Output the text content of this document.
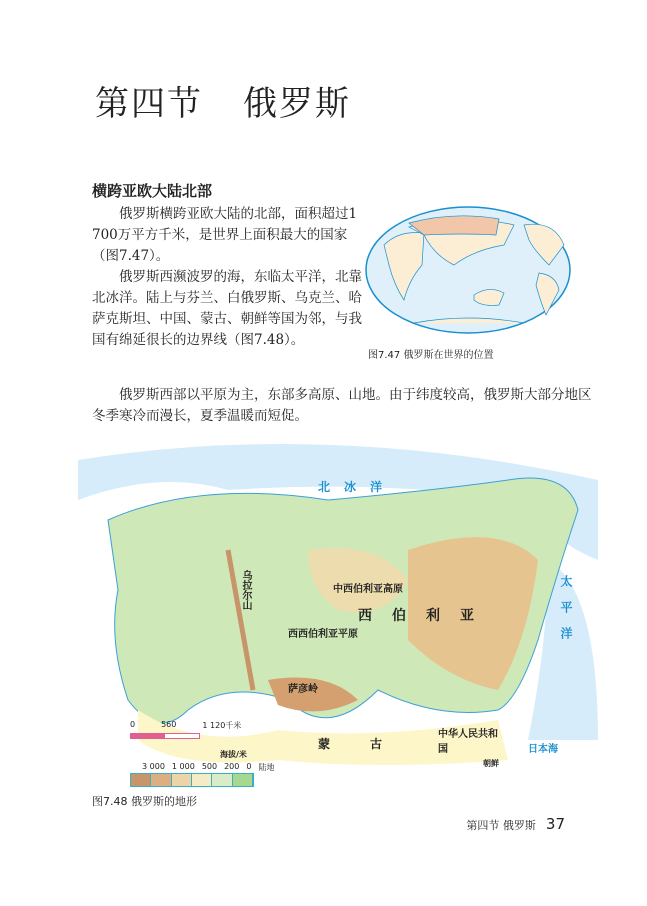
第四节 俄罗斯
横跨亚欧大陆北部

俄罗斯横跨亚欧大陆的北部，面积超过1 700万平方千米，是世界上面积最大的国家（图7.47）。

俄罗斯西濒波罗的海，东临太平洋，北靠北冰洋。陆上与芬兰、白俄罗斯、乌克兰、哈萨克斯坦、中国、蒙古、朝鲜等国为邻，与我国有绵延很长的边界线（图7.48）。

俄罗斯西部以平原为主，东部多高原、山地。由于纬度较高，俄罗斯大部分地区冬季寒冷而漫长，夏季温暖而短促。

图7.47 俄罗斯在世界的位置
北冰洋
太平洋
西西伯利亚平原
中西伯利亚高原
西伯利亚
乌拉尔山
萨彦岭
蒙古
中华人民共和国	日本海
朝鲜
0	560	1 120千米
海拔/米
3 000 1 000 500 200 0 陆地
图7.48 俄罗斯的地形
第四节 俄罗斯 37
